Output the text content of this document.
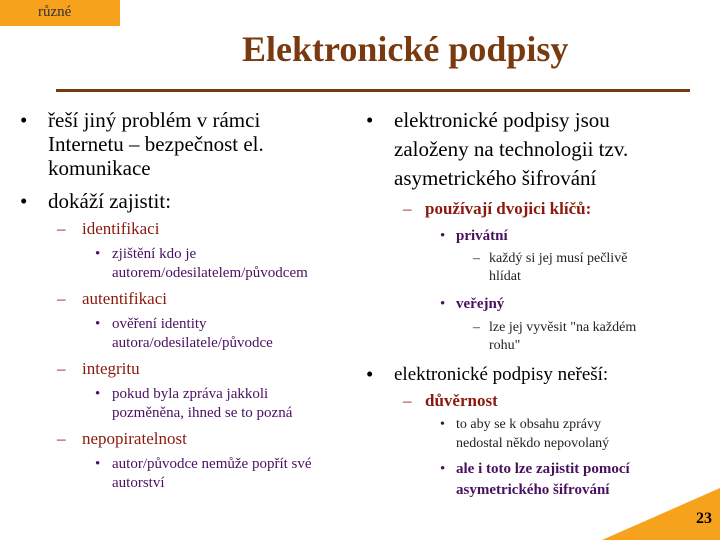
různé
Elektronické podpisy
• řeší jiný problém v rámci
Internetu – bezpečnost el.
komunikace
• dokáží zajistit:
– identifikaci
• zjištění kdo je
autorem/odesilatelem/původcem
– autentifikaci
• ověření identity
autora/odesilatele/původce
– integritu
• pokud byla zpráva jakkoli
pozměněna, ihned se to pozná
– nepopiratelnost
• autor/původce nemůže popřít své
autorství
• elektronické podpisy jsou
založeny na technologii tzv.
asymetrického šifrování
– používají dvojici klíčů:
• privátní
– každý si jej musí pečlivě
hlídat
• veřejný
– lze jej vyvěsit "na každém
rohu"
• elektronické podpisy neřeší:
– důvěrnost
• to aby se k obsahu zprávy
nedostal někdo nepovolaný
• ale i toto lze zajistit pomocí
asymetrického šifrování
23
